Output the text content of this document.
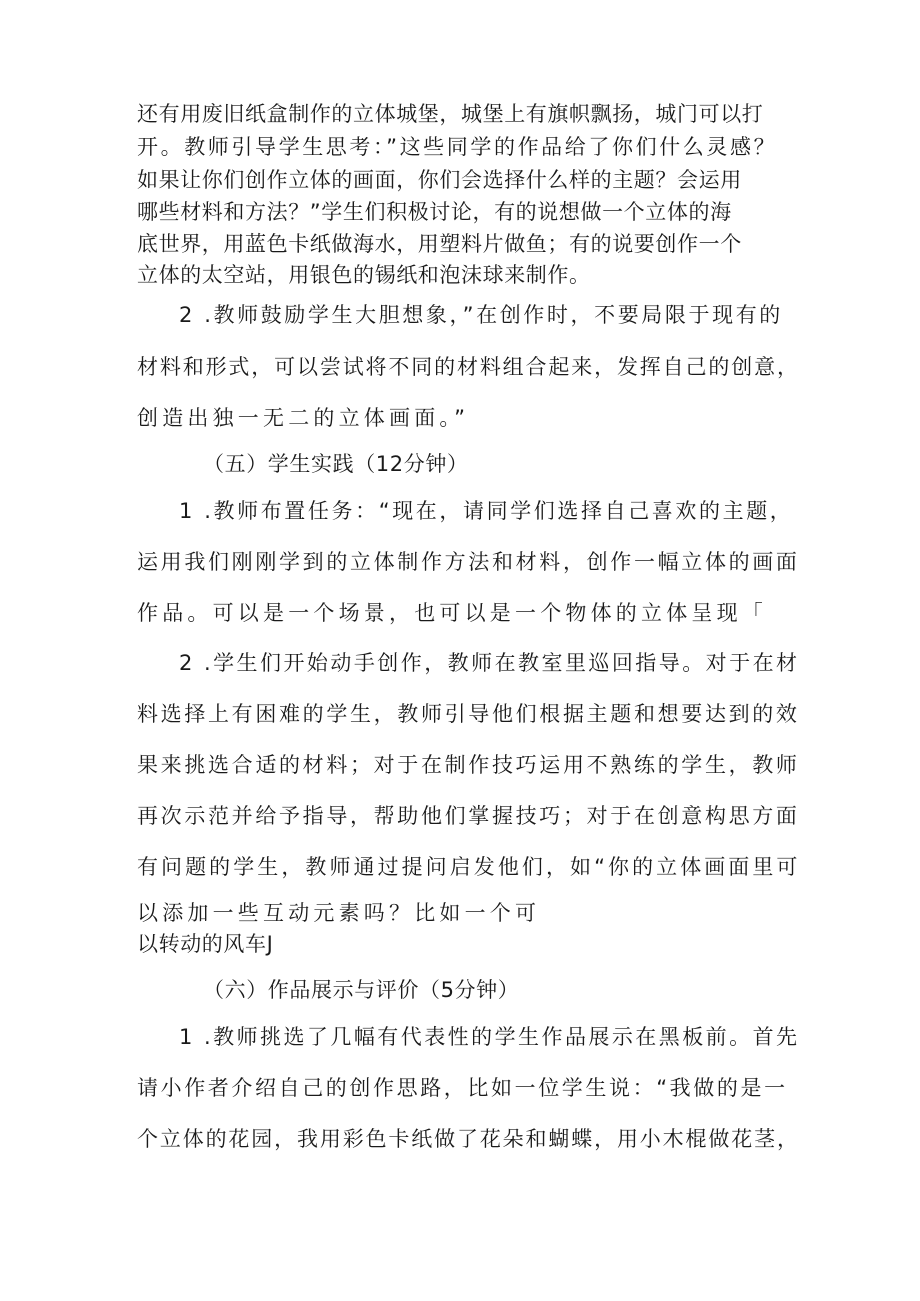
还有用废旧纸盒制作的立体城堡，城堡上有旗帜飘扬，城门可以打
开。教师引导学生思考：”这些同学的作品给了你们什么灵感？
如果让你们创作立体的画面，你们会选择什么样的主题？会运用
哪些材料和方法？”学生们积极讨论，有的说想做一个立体的海
底世界，用蓝色卡纸做海水，用塑料片做鱼；有的说要创作一个
立体的太空站，用银色的锡纸和泡沫球来制作。
2 .教师鼓励学生大胆想象，”在创作时，不要局限于现有的
材料和形式，可以尝试将不同的材料组合起来，发挥自己的创意，
创造出独一无二的立体画面。”
（五）学生实践（12分钟）
1 .教师布置任务：“现在，请同学们选择自己喜欢的主题，
运用我们刚刚学到的立体制作方法和材料，创作一幅立体的画面
作品。可以是一个场景，也可以是一个物体的立体呈现「
2 .学生们开始动手创作，教师在教室里巡回指导。对于在材
料选择上有困难的学生，教师引导他们根据主题和想要达到的效
果来挑选合适的材料；对于在制作技巧运用不熟练的学生，教师
再次示范并给予指导，帮助他们掌握技巧；对于在创意构思方面
有问题的学生，教师通过提问启发他们，如“你的立体画面里可
以添加一些互动元素吗？比如一个可
以转动的风车J
（六）作品展示与评价（5分钟）
1 .教师挑选了几幅有代表性的学生作品展示在黑板前。首先
请小作者介绍自己的创作思路，比如一位学生说：“我做的是一
个立体的花园，我用彩色卡纸做了花朵和蝴蝶，用小木棍做花茎，
